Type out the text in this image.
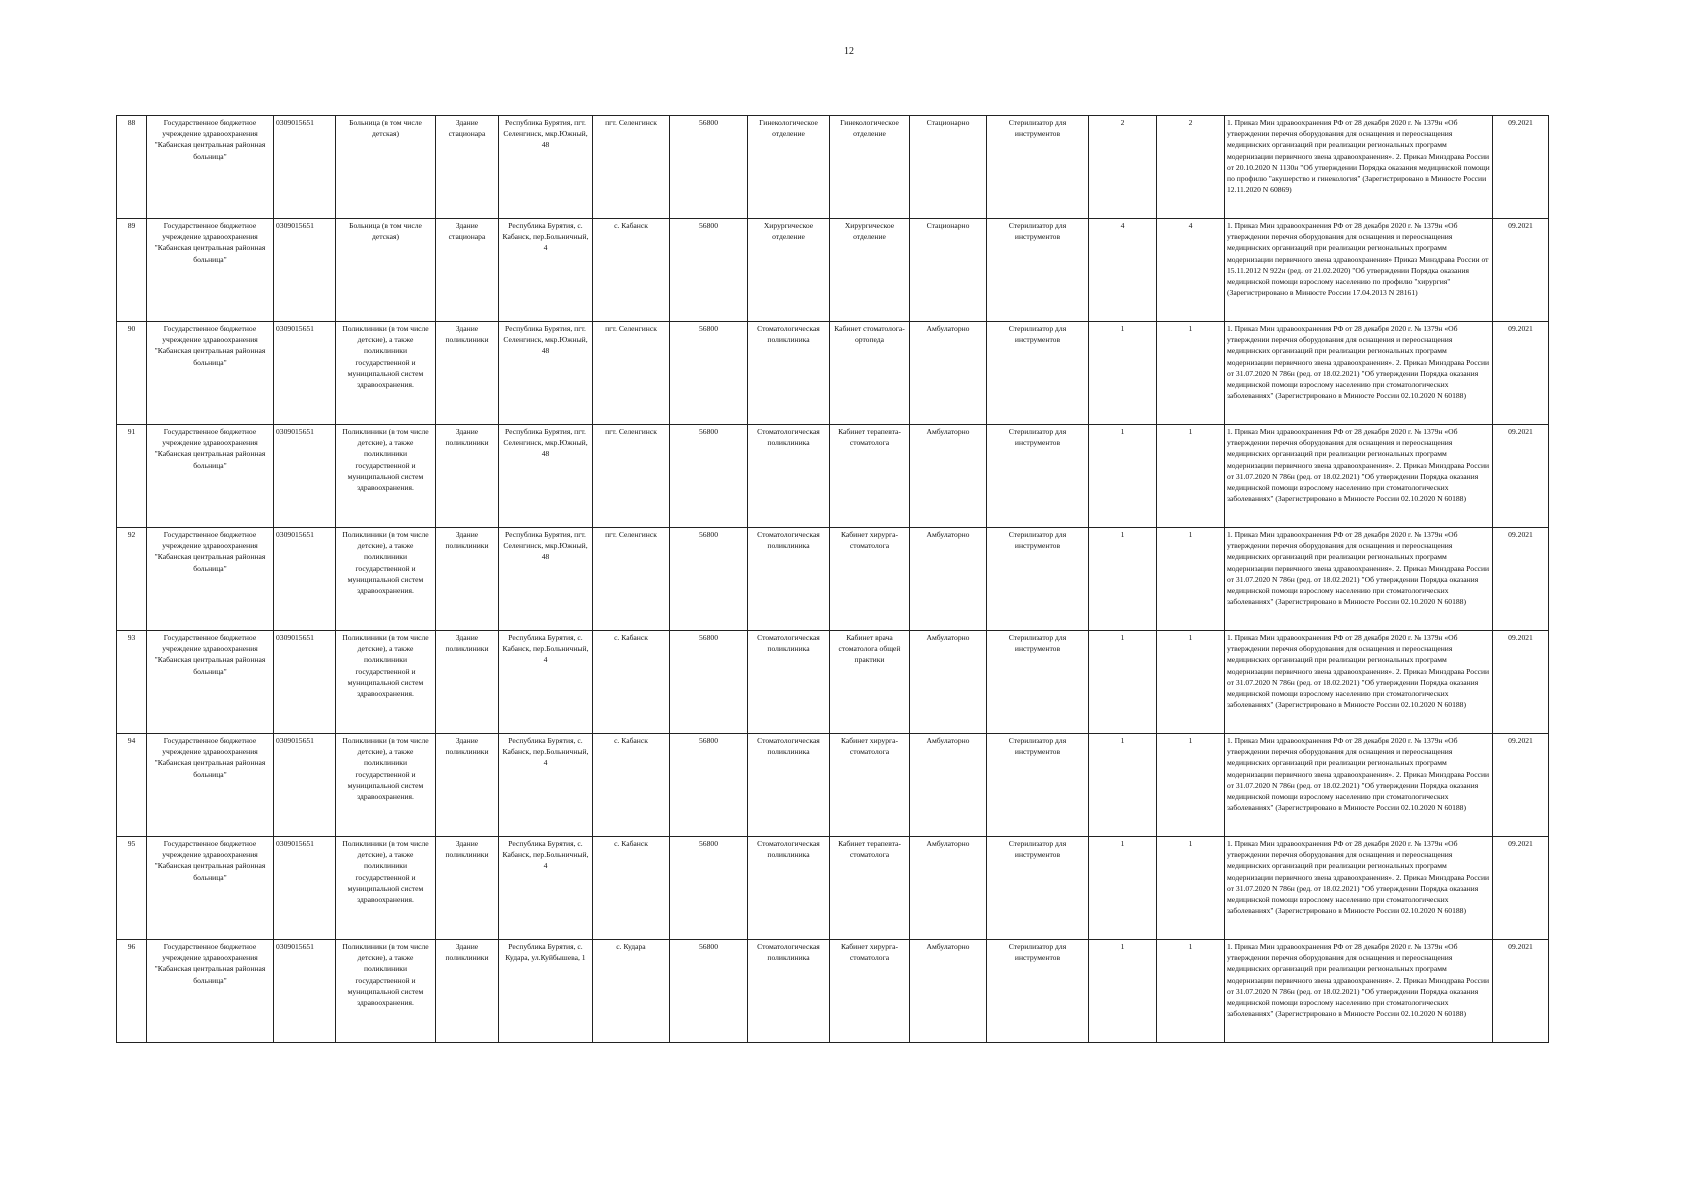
12
88	Государственное бюджетное учреждение здравоохранения "Кабанская центральная районная больница"	0309015651	Больница (в том числе детская)	Здание стационара	Республика Бурятия, пгт. Селенгинск, мкр.Южный, 48	пгт. Селенгинск	56800	Гинекологическое отделение	Гинекологическое отделение	Стационарно	Стерилизатор для инструментов	2	2	1. Приказ Мин здравоохранения РФ от 28 декабря 2020 г. № 1379н «Об утверждении перечня оборудования для оснащения и переоснащения медицинских организаций при реализации региональных программ модернизации первичного звена здравоохранения». 2. Приказ Минздрава России от 20.10.2020 N 1130н "Об утверждении Порядка оказания медицинской помощи по профилю "акушерство и гинекология" (Зарегистрировано в Минюсте России 12.11.2020 N 60869)	09.2021
89	Государственное бюджетное учреждение здравоохранения "Кабанская центральная районная больница"	0309015651	Больница (в том числе детская)	Здание стационара	Республика Бурятия, с. Кабанск, пер.Больничный, 4	с. Кабанск	56800	Хирургическое отделение	Хирургическое отделение	Стационарно	Стерилизатор для инструментов	4	4	1. Приказ Мин здравоохранения РФ от 28 декабря 2020 г. № 1379н «Об утверждении перечня оборудования для оснащения и переоснащения медицинских организаций при реализации региональных программ модернизации первичного звена здравоохранения» Приказ Минздрава России от 15.11.2012 N 922н (ред. от 21.02.2020) "Об утверждении Порядка оказания медицинской помощи взрослому населению по профилю "хирургия" (Зарегистрировано в Минюсте России 17.04.2013 N 28161)	09.2021
90	Государственное бюджетное учреждение здравоохранения "Кабанская центральная районная больница"	0309015651	Поликлиники (в том числе детские), а также поликлиники государственной и муниципальной систем здравоохранения.	Здание поликлиники	Республика Бурятия, пгт. Селенгинск, мкр.Южный, 48	пгт. Селенгинск	56800	Стоматологическая поликлиника	Кабинет стоматолога-ортопеда	Амбулаторно	Стерилизатор для инструментов	1	1	1. Приказ Мин здравоохранения РФ от 28 декабря 2020 г. № 1379н «Об утверждении перечня оборудования для оснащения и переоснащения медицинских организаций при реализации региональных программ модернизации первичного звена здравоохранения». 2. Приказ Минздрава России от 31.07.2020 N 786н (ред. от 18.02.2021) "Об утверждении Порядка оказания медицинской помощи взрослому населению при стоматологических заболеваниях" (Зарегистрировано в Минюсте России 02.10.2020 N 60188)	09.2021
91	Государственное бюджетное учреждение здравоохранения "Кабанская центральная районная больница"	0309015651	Поликлиники (в том числе детские), а также поликлиники государственной и муниципальной систем здравоохранения.	Здание поликлиники	Республика Бурятия, пгт. Селенгинск, мкр.Южный, 48	пгт. Селенгинск	56800	Стоматологическая поликлиника	Кабинет терапевта-стоматолога	Амбулаторно	Стерилизатор для инструментов	1	1	1. Приказ Мин здравоохранения РФ от 28 декабря 2020 г. № 1379н «Об утверждении перечня оборудования для оснащения и переоснащения медицинских организаций при реализации региональных программ модернизации первичного звена здравоохранения». 2. Приказ Минздрава России от 31.07.2020 N 786н (ред. от 18.02.2021) "Об утверждении Порядка оказания медицинской помощи взрослому населению при стоматологических заболеваниях" (Зарегистрировано в Минюсте России 02.10.2020 N 60188)	09.2021
92	Государственное бюджетное учреждение здравоохранения "Кабанская центральная районная больница"	0309015651	Поликлиники (в том числе детские), а также поликлиники государственной и муниципальной систем здравоохранения.	Здание поликлиники	Республика Бурятия, пгт. Селенгинск, мкр.Южный, 48	пгт. Селенгинск	56800	Стоматологическая поликлиника	Кабинет хирурга-стоматолога	Амбулаторно	Стерилизатор для инструментов	1	1	1. Приказ Мин здравоохранения РФ от 28 декабря 2020 г. № 1379н «Об утверждении перечня оборудования для оснащения и переоснащения медицинских организаций при реализации региональных программ модернизации первичного звена здравоохранения». 2. Приказ Минздрава России от 31.07.2020 N 786н (ред. от 18.02.2021) "Об утверждении Порядка оказания медицинской помощи взрослому населению при стоматологических заболеваниях" (Зарегистрировано в Минюсте России 02.10.2020 N 60188)	09.2021
93	Государственное бюджетное учреждение здравоохранения "Кабанская центральная районная больница"	0309015651	Поликлиники (в том числе детские), а также поликлиники государственной и муниципальной систем здравоохранения.	Здание поликлиники	Республика Бурятия, с. Кабанск, пер.Больничный, 4	с. Кабанск	56800	Стоматологическая поликлиника	Кабинет врача стоматолога общей практики	Амбулаторно	Стерилизатор для инструментов	1	1	1. Приказ Мин здравоохранения РФ от 28 декабря 2020 г. № 1379н «Об утверждении перечня оборудования для оснащения и переоснащения медицинских организаций при реализации региональных программ модернизации первичного звена здравоохранения». 2. Приказ Минздрава России от 31.07.2020 N 786н (ред. от 18.02.2021) "Об утверждении Порядка оказания медицинской помощи взрослому населению при стоматологических заболеваниях" (Зарегистрировано в Минюсте России 02.10.2020 N 60188)	09.2021
94	Государственное бюджетное учреждение здравоохранения "Кабанская центральная районная больница"	0309015651	Поликлиники (в том числе детские), а также поликлиники государственной и муниципальной систем здравоохранения.	Здание поликлиники	Республика Бурятия, с. Кабанск, пер.Больничный, 4	с. Кабанск	56800	Стоматологическая поликлиника	Кабинет хирурга-стоматолога	Амбулаторно	Стерилизатор для инструментов	1	1	1. Приказ Мин здравоохранения РФ от 28 декабря 2020 г. № 1379н «Об утверждении перечня оборудования для оснащения и переоснащения медицинских организаций при реализации региональных программ модернизации первичного звена здравоохранения». 2. Приказ Минздрава России от 31.07.2020 N 786н (ред. от 18.02.2021) "Об утверждении Порядка оказания медицинской помощи взрослому населению при стоматологических заболеваниях" (Зарегистрировано в Минюсте России 02.10.2020 N 60188)	09.2021
95	Государственное бюджетное учреждение здравоохранения "Кабанская центральная районная больница"	0309015651	Поликлиники (в том числе детские), а также поликлиники государственной и муниципальной систем здравоохранения.	Здание поликлиники	Республика Бурятия, с. Кабанск, пер.Больничный, 4	с. Кабанск	56800	Стоматологическая поликлиника	Кабинет терапевта-стоматолога	Амбулаторно	Стерилизатор для инструментов	1	1	1. Приказ Мин здравоохранения РФ от 28 декабря 2020 г. № 1379н «Об утверждении перечня оборудования для оснащения и переоснащения медицинских организаций при реализации региональных программ модернизации первичного звена здравоохранения». 2. Приказ Минздрава России от 31.07.2020 N 786н (ред. от 18.02.2021) "Об утверждении Порядка оказания медицинской помощи взрослому населению при стоматологических заболеваниях" (Зарегистрировано в Минюсте России 02.10.2020 N 60188)	09.2021
96	Государственное бюджетное учреждение здравоохранения "Кабанская центральная районная больница"	0309015651	Поликлиники (в том числе детские), а также поликлиники государственной и муниципальной систем здравоохранения.	Здание поликлиники	Республика Бурятия, с. Кудара, ул.Куйбышева, 1	с. Кудара	56800	Стоматологическая поликлиника	Кабинет хирурга-стоматолога	Амбулаторно	Стерилизатор для инструментов	1	1	1. Приказ Мин здравоохранения РФ от 28 декабря 2020 г. № 1379н «Об утверждении перечня оборудования для оснащения и переоснащения медицинских организаций при реализации региональных программ модернизации первичного звена здравоохранения». 2. Приказ Минздрава России от 31.07.2020 N 786н (ред. от 18.02.2021) "Об утверждении Порядка оказания медицинской помощи взрослому населению при стоматологических заболеваниях" (Зарегистрировано в Минюсте России 02.10.2020 N 60188)	09.2021
